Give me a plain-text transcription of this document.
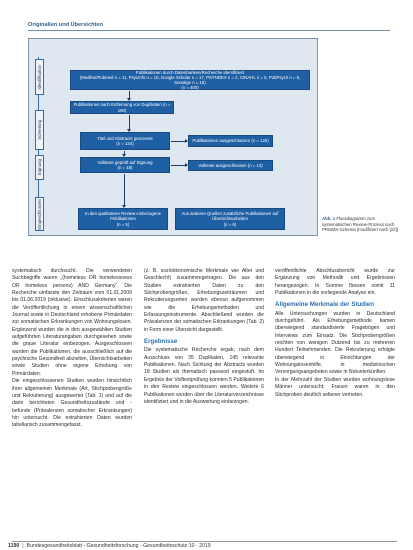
Originalien und Übersichten
Identifikation
Screening
Eignung
Eingeschlossen
Publikationen durch Datenbanken/Recherche identifiziert
(Medline/Pubmed n = 11, PsycInfo n = 10, Google Scholar n = 17, PSYNDEX n = 2, CINAHL n = 0, PubPsych n = 9, Sonstige n = 16)
(n = 400)
Publikationen nach Entfernung von Duplikaten (n = 190)
Titel und Abstracts gescreent
(n = 134)
Publikationen ausgeschlossen (n = 126)
Volltexte geprüft auf Eignung
(n = 18)	Volltexte ausgeschlossen (n = 13)
In den qualitativen Review einbezogene Publikationen
(n = 5)
Aus anderen Quellen zusätzliche Publikationen auf Übersichtsarbeiten
(n = 6)
Abb. 1 Flussdiagramm zum systematischen Review-Prozess nach PRISMA-Schema (modifiziert nach [22])

systematisch durchsucht. Die verwendeten Suchbegriffe waren „(homeless OR homelessness OR homeless persons) AND Germany“. Die Recherche umfasste den Zeitraum vom 01.01.2009 bis 01.06.2019 (inklusive). Einschlusskriterien waren die Veröffentlichung in einem wissenschaftlichen Journal sowie in Deutschland erhobene Primärdaten zur somatischen Erkrankungen von Wohnungslosen. Ergänzend wurden die in den ausgewählten Studien aufgeführten Literaturangaben durchgesehen sowie die graue Literatur einbezogen. Ausgeschlossen wurden die Publikationen, die ausschließlich auf die psychische Gesundheit abzielten, Übersichtsarbeiten sowie Studien ohne eigene Erhebung von Primärdaten.

Die eingeschlossenen Studien wurden hinsichtlich ihrer allgemeinen Merkmale (Art, Stichprobengröße und Rekrutierung) ausgewertet (Tab. 1) und auf die darin berichteten Gesundheitszustände und -befunde (Prävalenzen somatischer Erkrankungen) hin untersucht. Die extrahierten Daten wurden tabellarisch zusammengefasst.

(z. B. sozioökonomische Merkmale wie Alter und Geschlecht) zusammengetragen. Die aus den Studien extrahierten Daten zu den Stichprobengrößen, Erhebungszeiträumen und Rekrutierungsorten wurden ebenso aufgenommen wie die Erhebungsmethoden und Erfassungsinstrumente. Abschließend wurden die Prävalenzen der somatischen Erkrankungen (Tab. 2) in Form einer Übersicht dargestellt.

Ergebnisse

Die systematische Recherche ergab, nach dem Ausschluss von 35 Duplikaten, 145 relevante Publikationen. Nach Sichtung der Abstracts wurden 18 Studien als thematisch passend eingestuft. Im Ergebnis der Volltextprüfung konnten 5 Publikationen in den Review eingeschlossen werden. Weitere 6 Publikationen wurden über die Literaturverzeichnisse identifiziert und in die Auswertung einbezogen.

veröffentlichte Abschlussbericht wurde zur Ergänzung von Methodik und Ergebnissen herangezogen. In Summe flossen somit 11 Publikationen in die vorliegende Analyse ein.

Allgemeine Merkmale der Studien

Alle Untersuchungen wurden in Deutschland durchgeführt. Als Erhebungsmethode kamen überwiegend standardisierte Fragebögen und Interviews zum Einsatz. Die Stichprobengrößen reichten von wenigen Dutzend bis zu mehreren Hundert Teilnehmenden. Die Rekrutierung erfolgte überwiegend in Einrichtungen der Wohnungslosenhilfe, in medizinischen Versorgungsangeboten sowie in Notunterkünften.

In der Mehrzahl der Studien wurden wohnungslose Männer untersucht; Frauen waren in den Stichproben deutlich seltener vertreten.

1190 | Bundesgesundheitsblatt - Gesundheitsforschung - Gesundheitsschutz 10 · 2019
